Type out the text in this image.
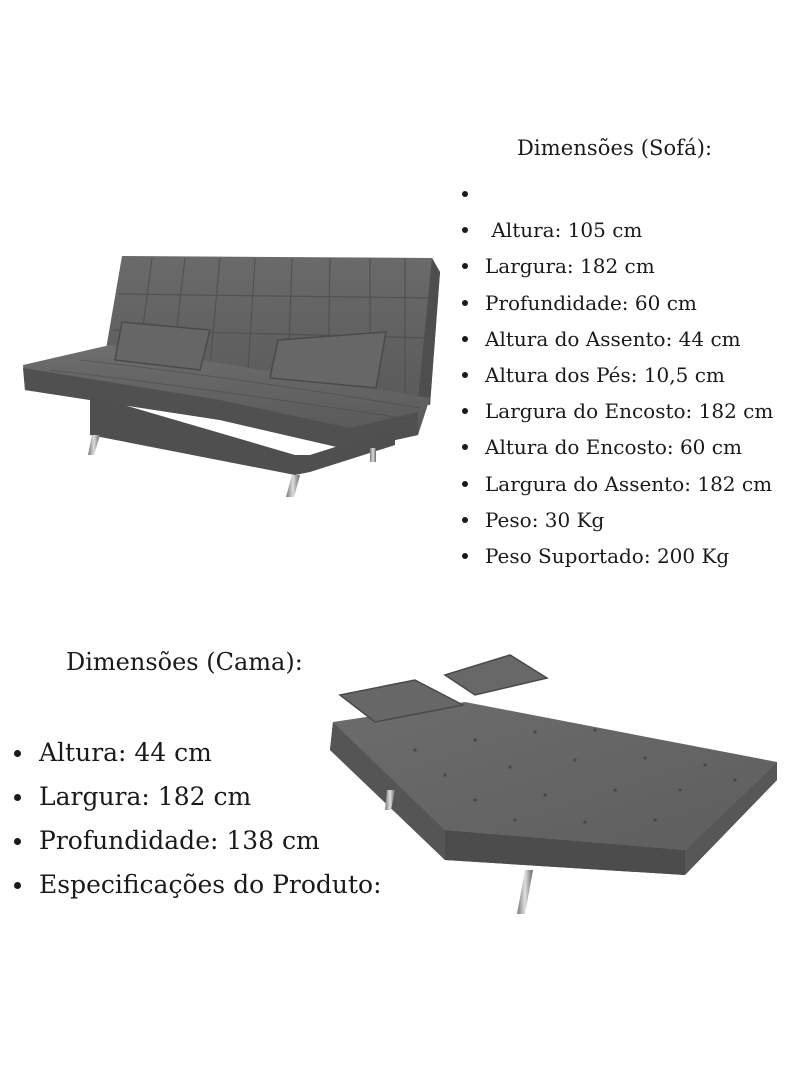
Dimensões (Sofá):
Altura: 105 cm
Largura: 182 cm
Profundidade: 60 cm
Altura do Assento: 44 cm
Altura dos Pés: 10,5 cm
Largura do Encosto: 182 cm
Altura do Encosto: 60 cm
Largura do Assento: 182 cm
Peso: 30 Kg
Peso Suportado: 200 Kg
Dimensões (Cama):
Altura: 44 cm
Largura: 182 cm
Profundidade: 138 cm
Especificações do Produto:
